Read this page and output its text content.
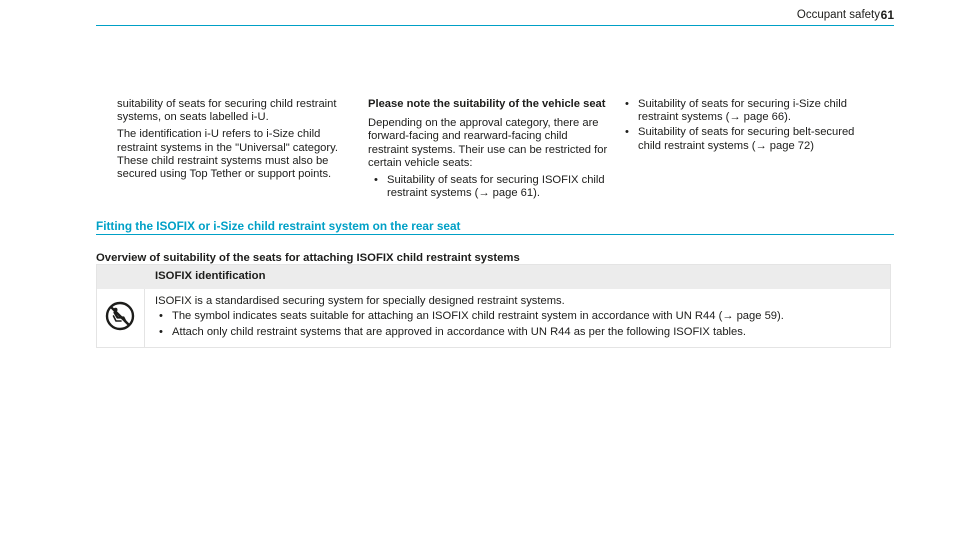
Occupant safety 61

suitability of seats for securing child restraint
systems, on seats labelled i-U.

The identification i-U refers to i-Size child
restraint systems in the "Universal" category.
These child restraint systems must also be
secured using Top Tether or support points.

Please note the suitability of the vehicle seat

Depending on the approval category, there are
forward-facing and rearward-facing child
restraint systems. Their use can be restricted for
certain vehicle seats:

• Suitability of seats for securing ISOFIX child
restraint systems (→ page 61).
• Suitability of seats for securing i-Size child
restraint systems (→ page 66).
• Suitability of seats for securing belt-secured
child restraint systems (→ page 72)
Fitting the ISOFIX or i-Size child restraint system on the rear seat
Overview of suitability of the seats for attaching ISOFIX child restraint systems
ISOFIX identification

ISOFIX is a standardised securing system for specially designed restraint systems.

• The symbol indicates seats suitable for attaching an ISOFIX child restraint system in accordance with UN R44 (→ page 59).
• Attach only child restraint systems that are approved in accordance with UN R44 as per the following ISOFIX tables.
